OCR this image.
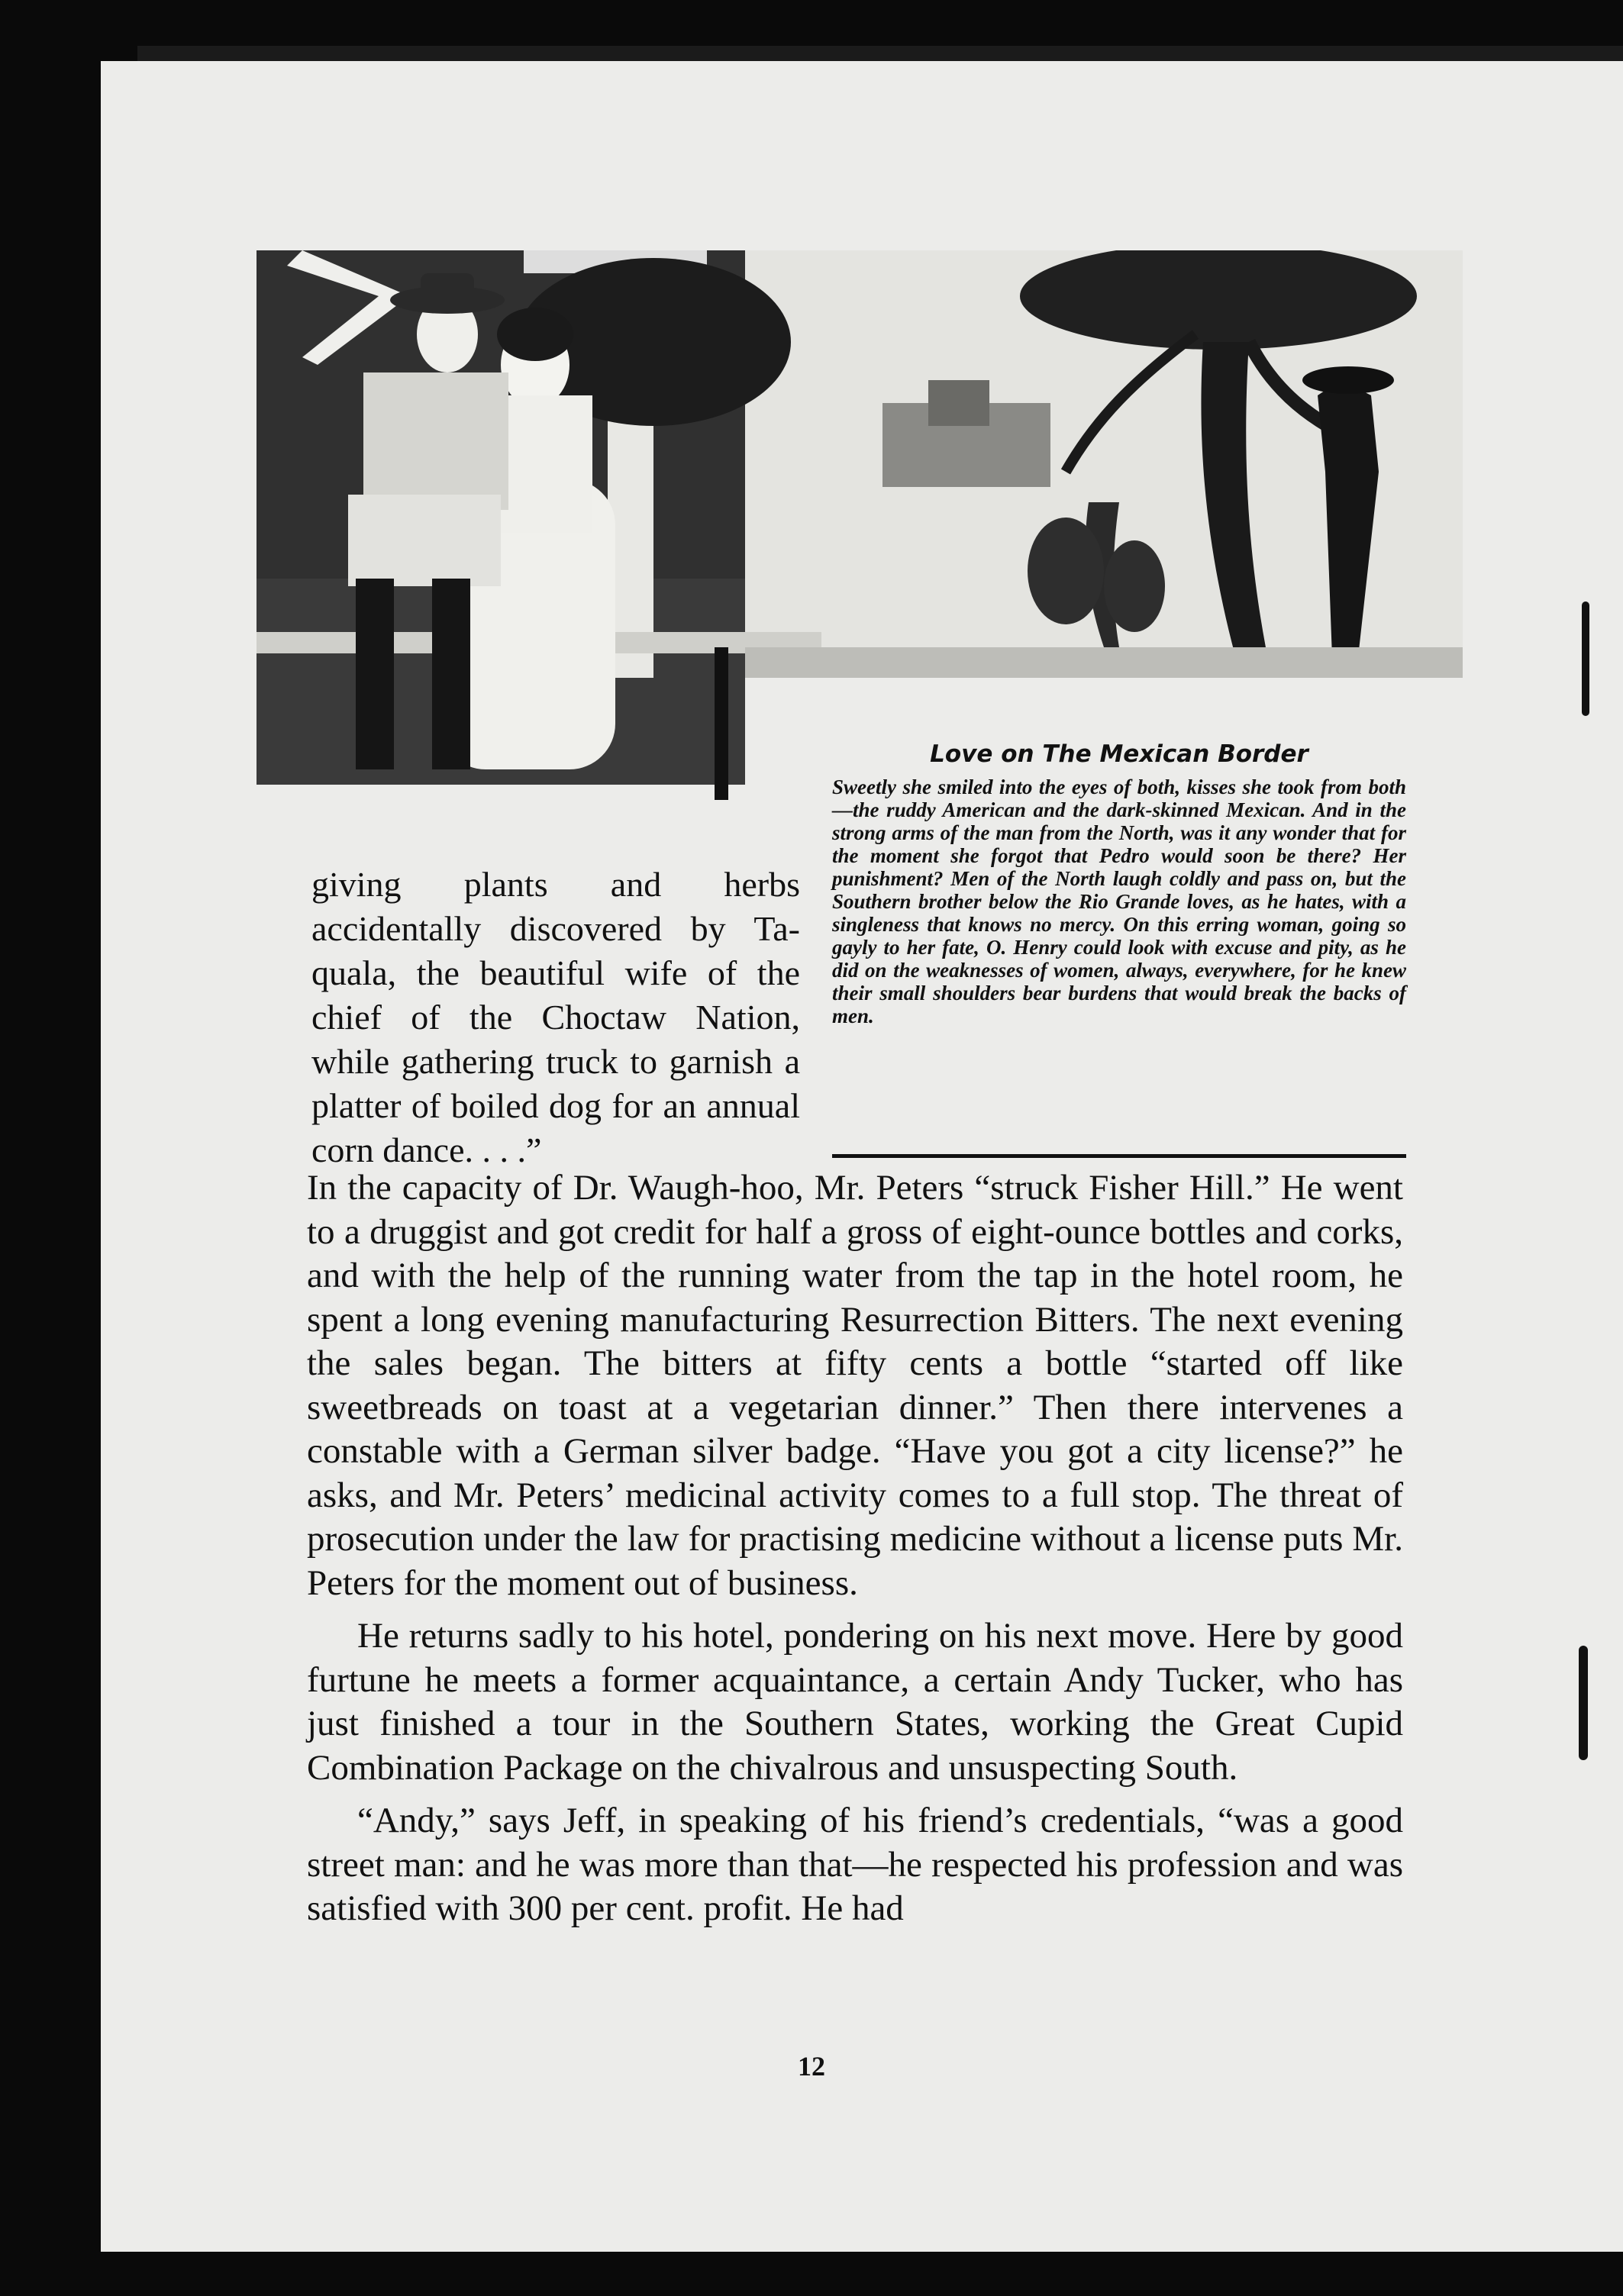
Love on The Mexican Border

Sweetly she smiled into the eyes of both, kisses she took from both—the ruddy American and the dark-skinned Mexican. And in the strong arms of the man from the North, was it any wonder that for the moment she forgot that Pedro would soon be there? Her punishment? Men of the North laugh coldly and pass on, but the Southern brother below the Rio Grande loves, as he hates, with a singleness that knows no mercy. On this erring woman, going so gayly to her fate, O. Henry could look with excuse and pity, as he did on the weaknesses of women, always, everywhere, for he knew their small shoulders bear burdens that would break the backs of men.

giving plants and herbs accidentally discovered by Ta-quala, the beautiful wife of the chief of the Choctaw Nation, while gathering truck to garnish a platter of boiled dog for an annual corn dance. . . .”

In the capacity of Dr. Waugh-hoo, Mr. Peters “struck Fisher Hill.” He went to a druggist and got credit for half a gross of eight-ounce bottles and corks, and with the help of the running water from the tap in the hotel room, he spent a long evening manufacturing Resurrection Bitters. The next evening the sales began. The bitters at fifty cents a bottle “started off like sweetbreads on toast at a vegetarian dinner.” Then there intervenes a constable with a German silver badge. “Have you got a city license?” he asks, and Mr. Peters’ medicinal activity comes to a full stop. The threat of prosecution under the law for practising medicine without a license puts Mr. Peters for the moment out of business.

He returns sadly to his hotel, pondering on his next move. Here by good furtune he meets a former acquaintance, a certain Andy Tucker, who has just finished a tour in the Southern States, working the Great Cupid Combination Package on the chivalrous and unsuspecting South.

“Andy,” says Jeff, in speaking of his friend’s credentials, “was a good street man: and he was more than that—he respected his profession and was satisfied with 300 per cent. profit. He had

12
